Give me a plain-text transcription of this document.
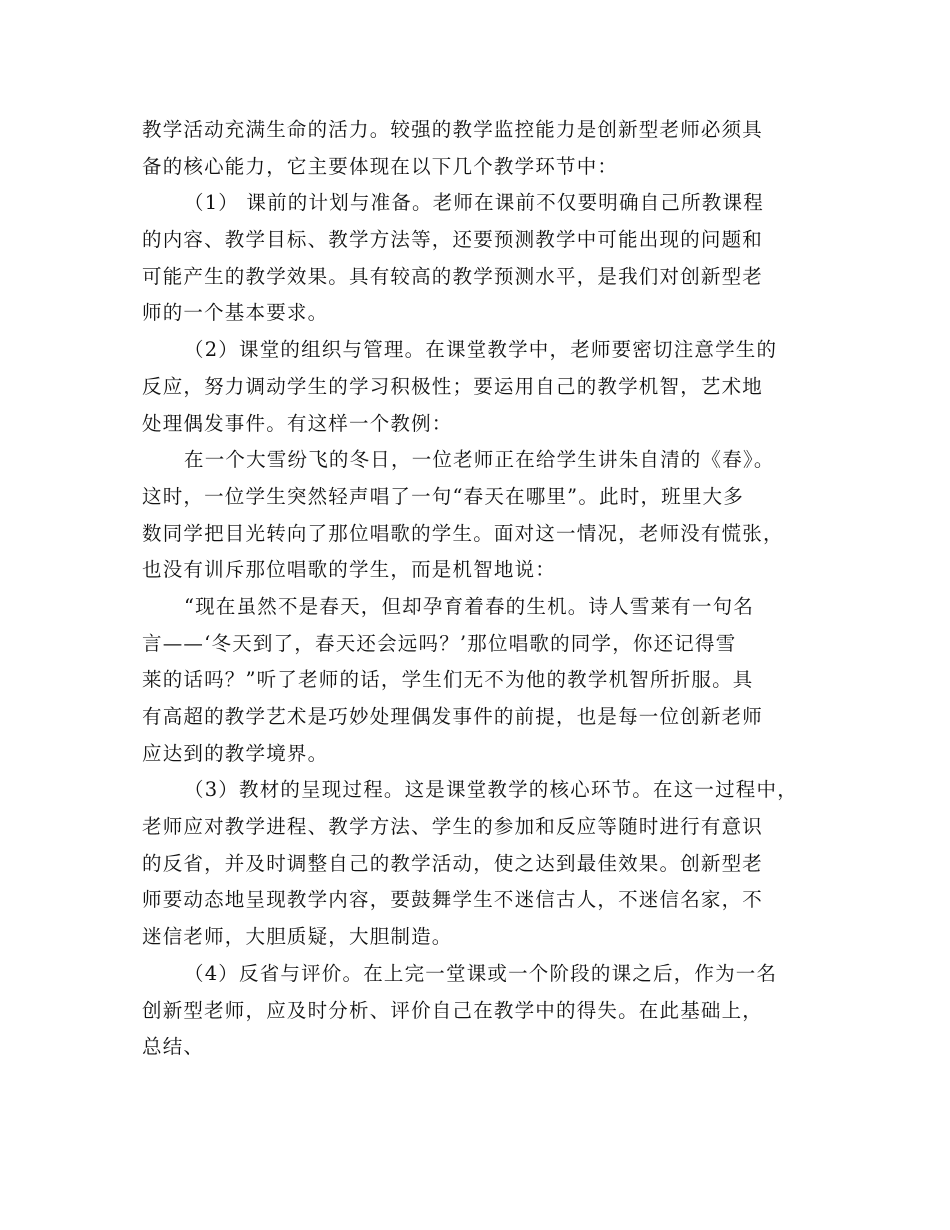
教学活动充满生命的活力。较强的教学监控能力是创新型老师必须具
备的核心能力，它主要体现在以下几个教学环节中：
（1） 课前的计划与准备。老师在课前不仅要明确自己所教课程
的内容、教学目标、教学方法等，还要预测教学中可能出现的问题和
可能产生的教学效果。具有较高的教学预测水平，是我们对创新型老
师的一个基本要求。
（2）课堂的组织与管理。在课堂教学中，老师要密切注意学生的
反应，努力调动学生的学习积极性；要运用自己的教学机智，艺术地
处理偶发事件。有这样一个教例：
在一个大雪纷飞的冬日，一位老师正在给学生讲朱自清的《春》。
这时，一位学生突然轻声唱了一句“春天在哪里”。此时，班里大多
数同学把目光转向了那位唱歌的学生。面对这一情况，老师没有慌张，
也没有训斥那位唱歌的学生，而是机智地说：
“现在虽然不是春天，但却孕育着春的生机。诗人雪莱有一句名
言——‘冬天到了，春天还会远吗？’那位唱歌的同学，你还记得雪
莱的话吗？”听了老师的话，学生们无不为他的教学机智所折服。具
有高超的教学艺术是巧妙处理偶发事件的前提，也是每一位创新老师
应达到的教学境界。
（3）教材的呈现过程。这是课堂教学的核心环节。在这一过程中，
老师应对教学进程、教学方法、学生的参加和反应等随时进行有意识
的反省，并及时调整自己的教学活动，使之达到最佳效果。创新型老
师要动态地呈现教学内容，要鼓舞学生不迷信古人，不迷信名家，不
迷信老师，大胆质疑，大胆制造。
（4）反省与评价。在上完一堂课或一个阶段的课之后，作为一名
创新型老师，应及时分析、评价自己在教学中的得失。在此基础上，
总结、
